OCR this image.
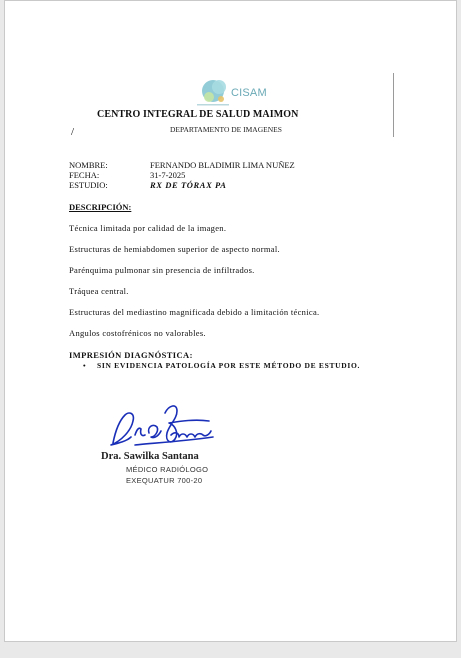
CISAM
CENTRO INTEGRAL DE SALUD MAIMON
/	DEPARTAMENTO DE IMAGENES
NOMBRE:	FERNANDO BLADIMIR LIMA NUÑEZ
FECHA:	31-7-2025
ESTUDIO:	RX DE TÓRAX PA
DESCRIPCIÓN:
Técnica limitada por calidad de la imagen.
Estructuras de hemiabdomen superior de aspecto normal.
Parénquima pulmonar sin presencia de infiltrados.
Tráquea central.
Estructuras del mediastino magnificada debido a limitación técnica.
Angulos costofrénicos no valorables.
IMPRESIÓN DIAGNÓSTICA:
• SIN EVIDENCIA PATOLOGÍA POR ESTE MÉTODO DE ESTUDIO.
Dra. Sawilka Santana
MÉDICO RADIÓLOGO
EXEQUATUR 700-20
